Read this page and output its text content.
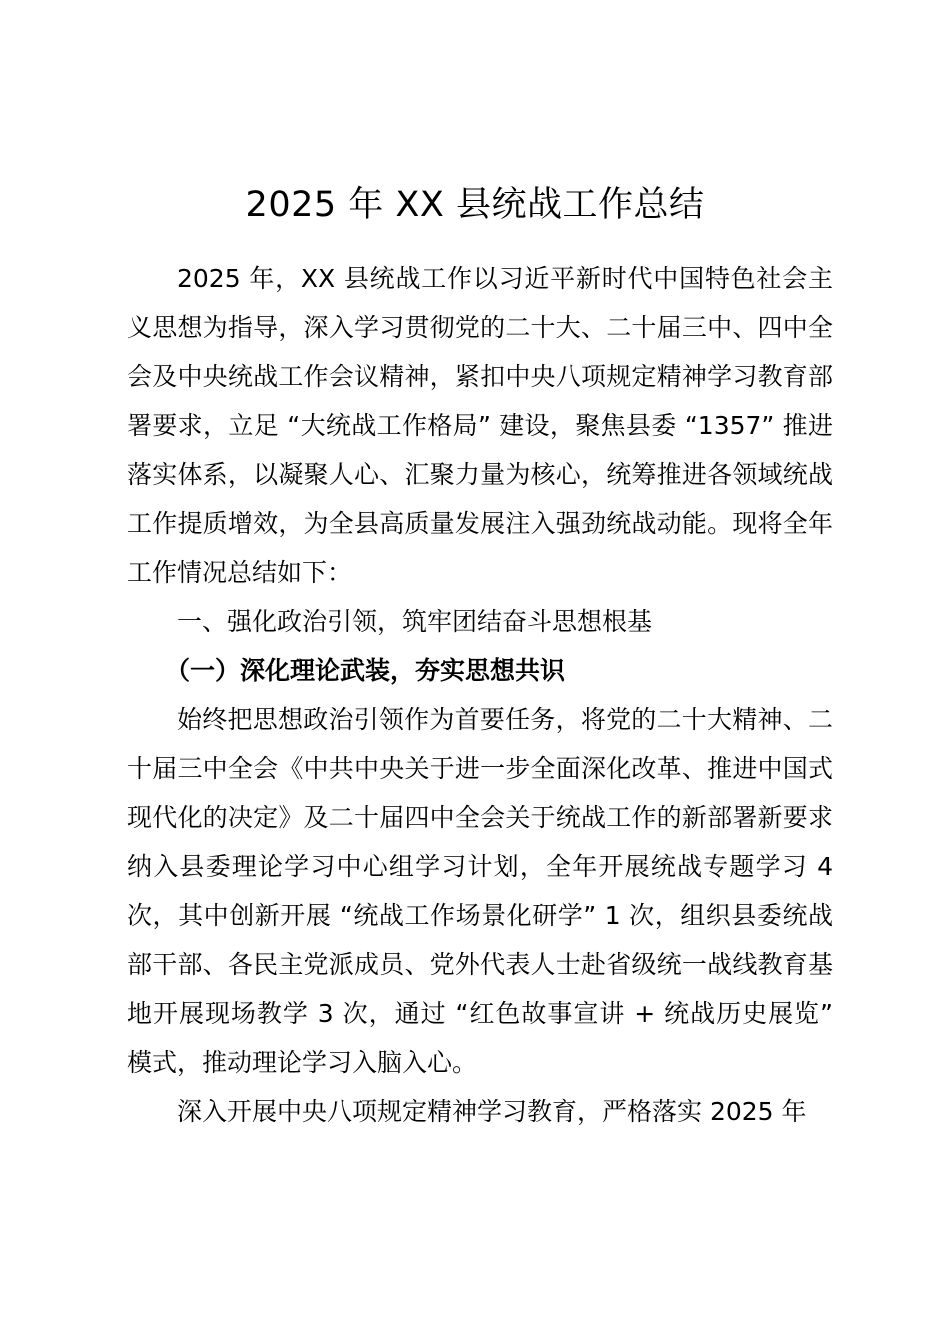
2025 年 XX 县统战工作总结

2025 年，XX 县统战工作以习近平新时代中国特色社会主义思想为指导，深入学习贯彻党的二十大、二十届三中、四中全会及中央统战工作会议精神，紧扣中央八项规定精神学习教育部署要求，立足 “大统战工作格局” 建设，聚焦县委 “1357” 推进落实体系，以凝聚人心、汇聚力量为核心，统筹推进各领域统战工作提质增效，为全县高质量发展注入强劲统战动能。现将全年工作情况总结如下：

一、强化政治引领，筑牢团结奋斗思想根基

（一）深化理论武装，夯实思想共识

始终把思想政治引领作为首要任务，将党的二十大精神、二十届三中全会《中共中央关于进一步全面深化改革、推进中国式现代化的决定》及二十届四中全会关于统战工作的新部署新要求纳入县委理论学习中心组学习计划，全年开展统战专题学习 4 次，其中创新开展 “统战工作场景化研学” 1 次，组织县委统战部干部、各民主党派成员、党外代表人士赴省级统一战线教育基地开展现场教学 3 次，通过 “红色故事宣讲 + 统战历史展览” 模式，推动理论学习入脑入心。

深入开展中央八项规定精神学习教育，严格落实 2025 年
